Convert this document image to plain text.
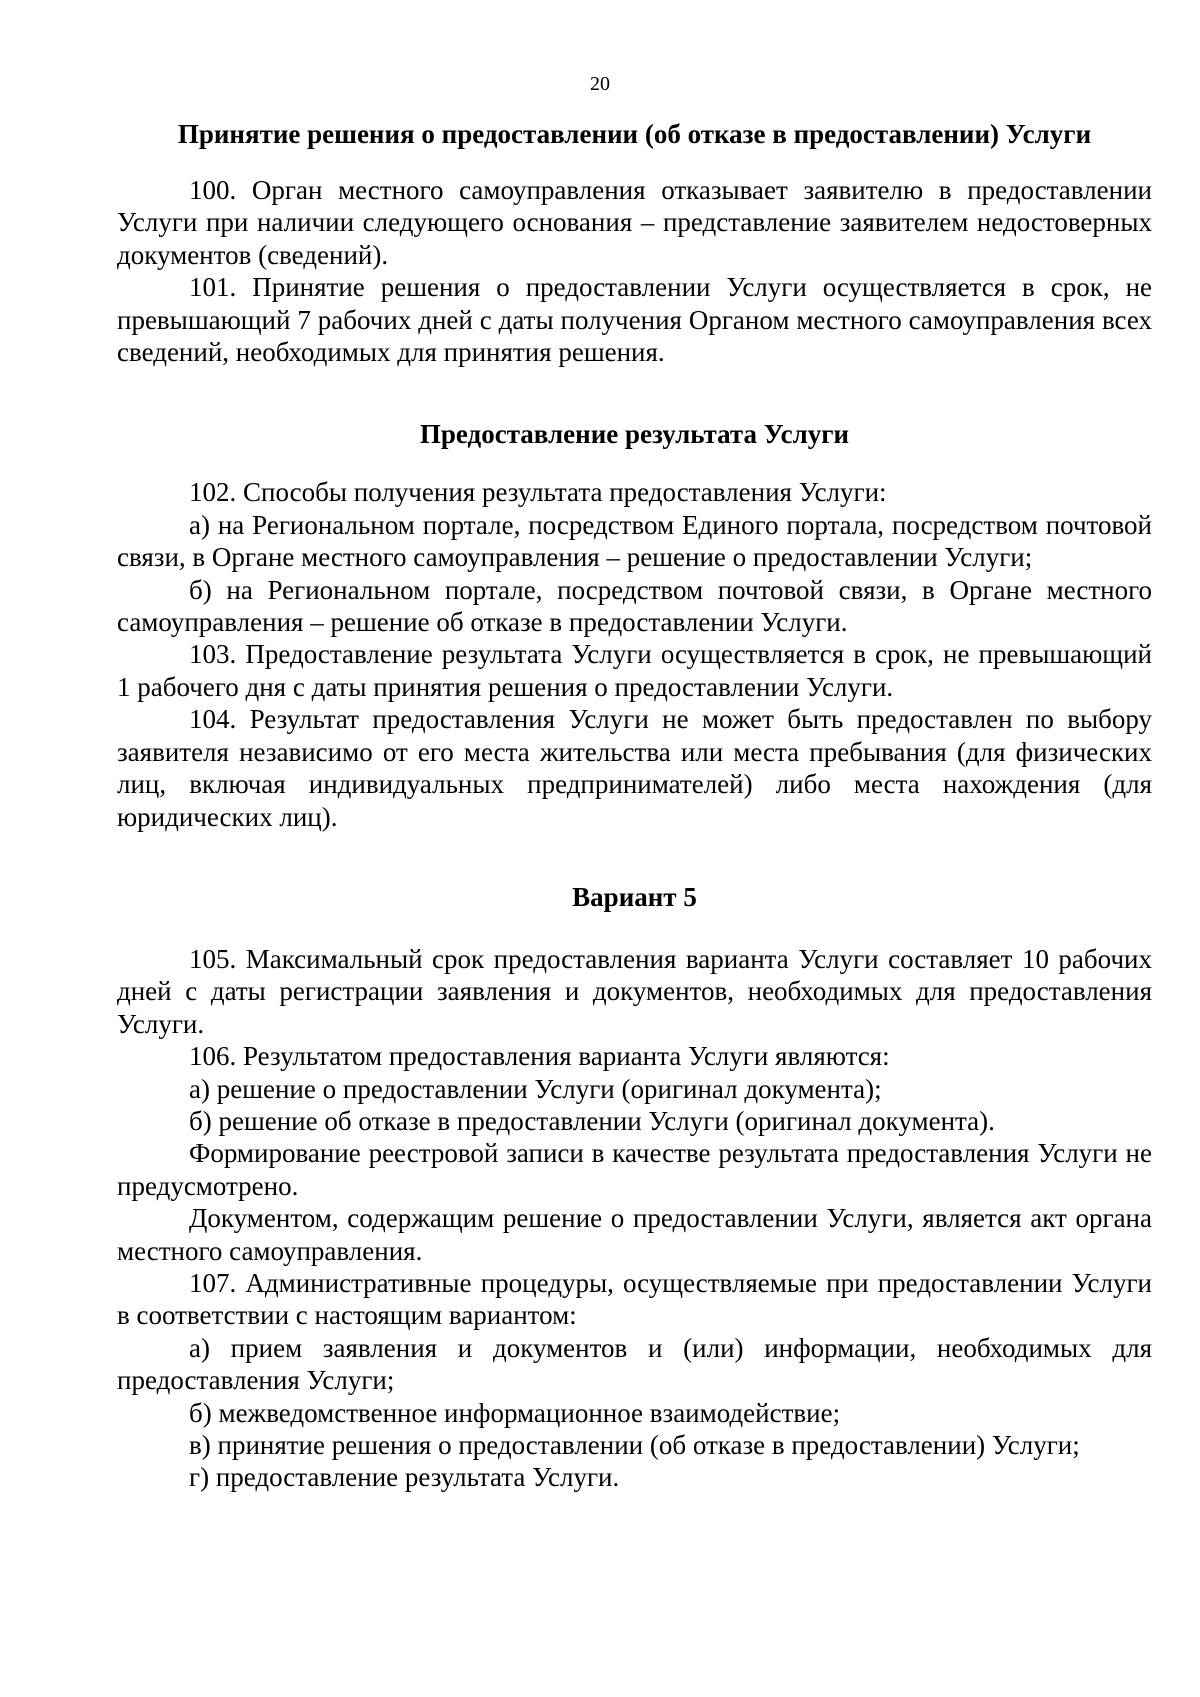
20
Принятие решения о предоставлении (об отказе в предоставлении) Услуги

100. Орган местного самоуправления отказывает заявителю в предоставлении Услуги при наличии следующего основания – представление заявителем недостоверных документов (сведений).

101. Принятие решения о предоставлении Услуги осуществляется в срок, не превышающий 7 рабочих дней с даты получения Органом местного самоуправления всех сведений, необходимых для принятия решения.

Предоставление результата Услуги

102. Способы получения результата предоставления Услуги:

а) на Региональном портале, посредством Единого портала, посредством почтовой связи, в Органе местного самоуправления – решение о предоставлении Услуги;

б) на Региональном портале, посредством почтовой связи, в Органе местного самоуправления – решение об отказе в предоставлении Услуги.

103. Предоставление результата Услуги осуществляется в срок, не превышающий 1 рабочего дня с даты принятия решения о предоставлении Услуги.

104. Результат предоставления Услуги не может быть предоставлен по выбору заявителя независимо от его места жительства или места пребывания (для физических лиц, включая индивидуальных предпринимателей) либо места нахождения (для юридических лиц).

Вариант 5

105. Максимальный срок предоставления варианта Услуги составляет 10 рабочих дней с даты регистрации заявления и документов, необходимых для предоставления Услуги.

106. Результатом предоставления варианта Услуги являются:

а) решение о предоставлении Услуги (оригинал документа);

б) решение об отказе в предоставлении Услуги (оригинал документа).

Формирование реестровой записи в качестве результата предоставления Услуги не предусмотрено.

Документом, содержащим решение о предоставлении Услуги, является акт органа местного самоуправления.

107. Административные процедуры, осуществляемые при предоставлении Услуги в соответствии с настоящим вариантом:

а) прием заявления и документов и (или) информации, необходимых для предоставления Услуги;

б) межведомственное информационное взаимодействие;

в) принятие решения о предоставлении (об отказе в предоставлении) Услуги;

г) предоставление результата Услуги.
